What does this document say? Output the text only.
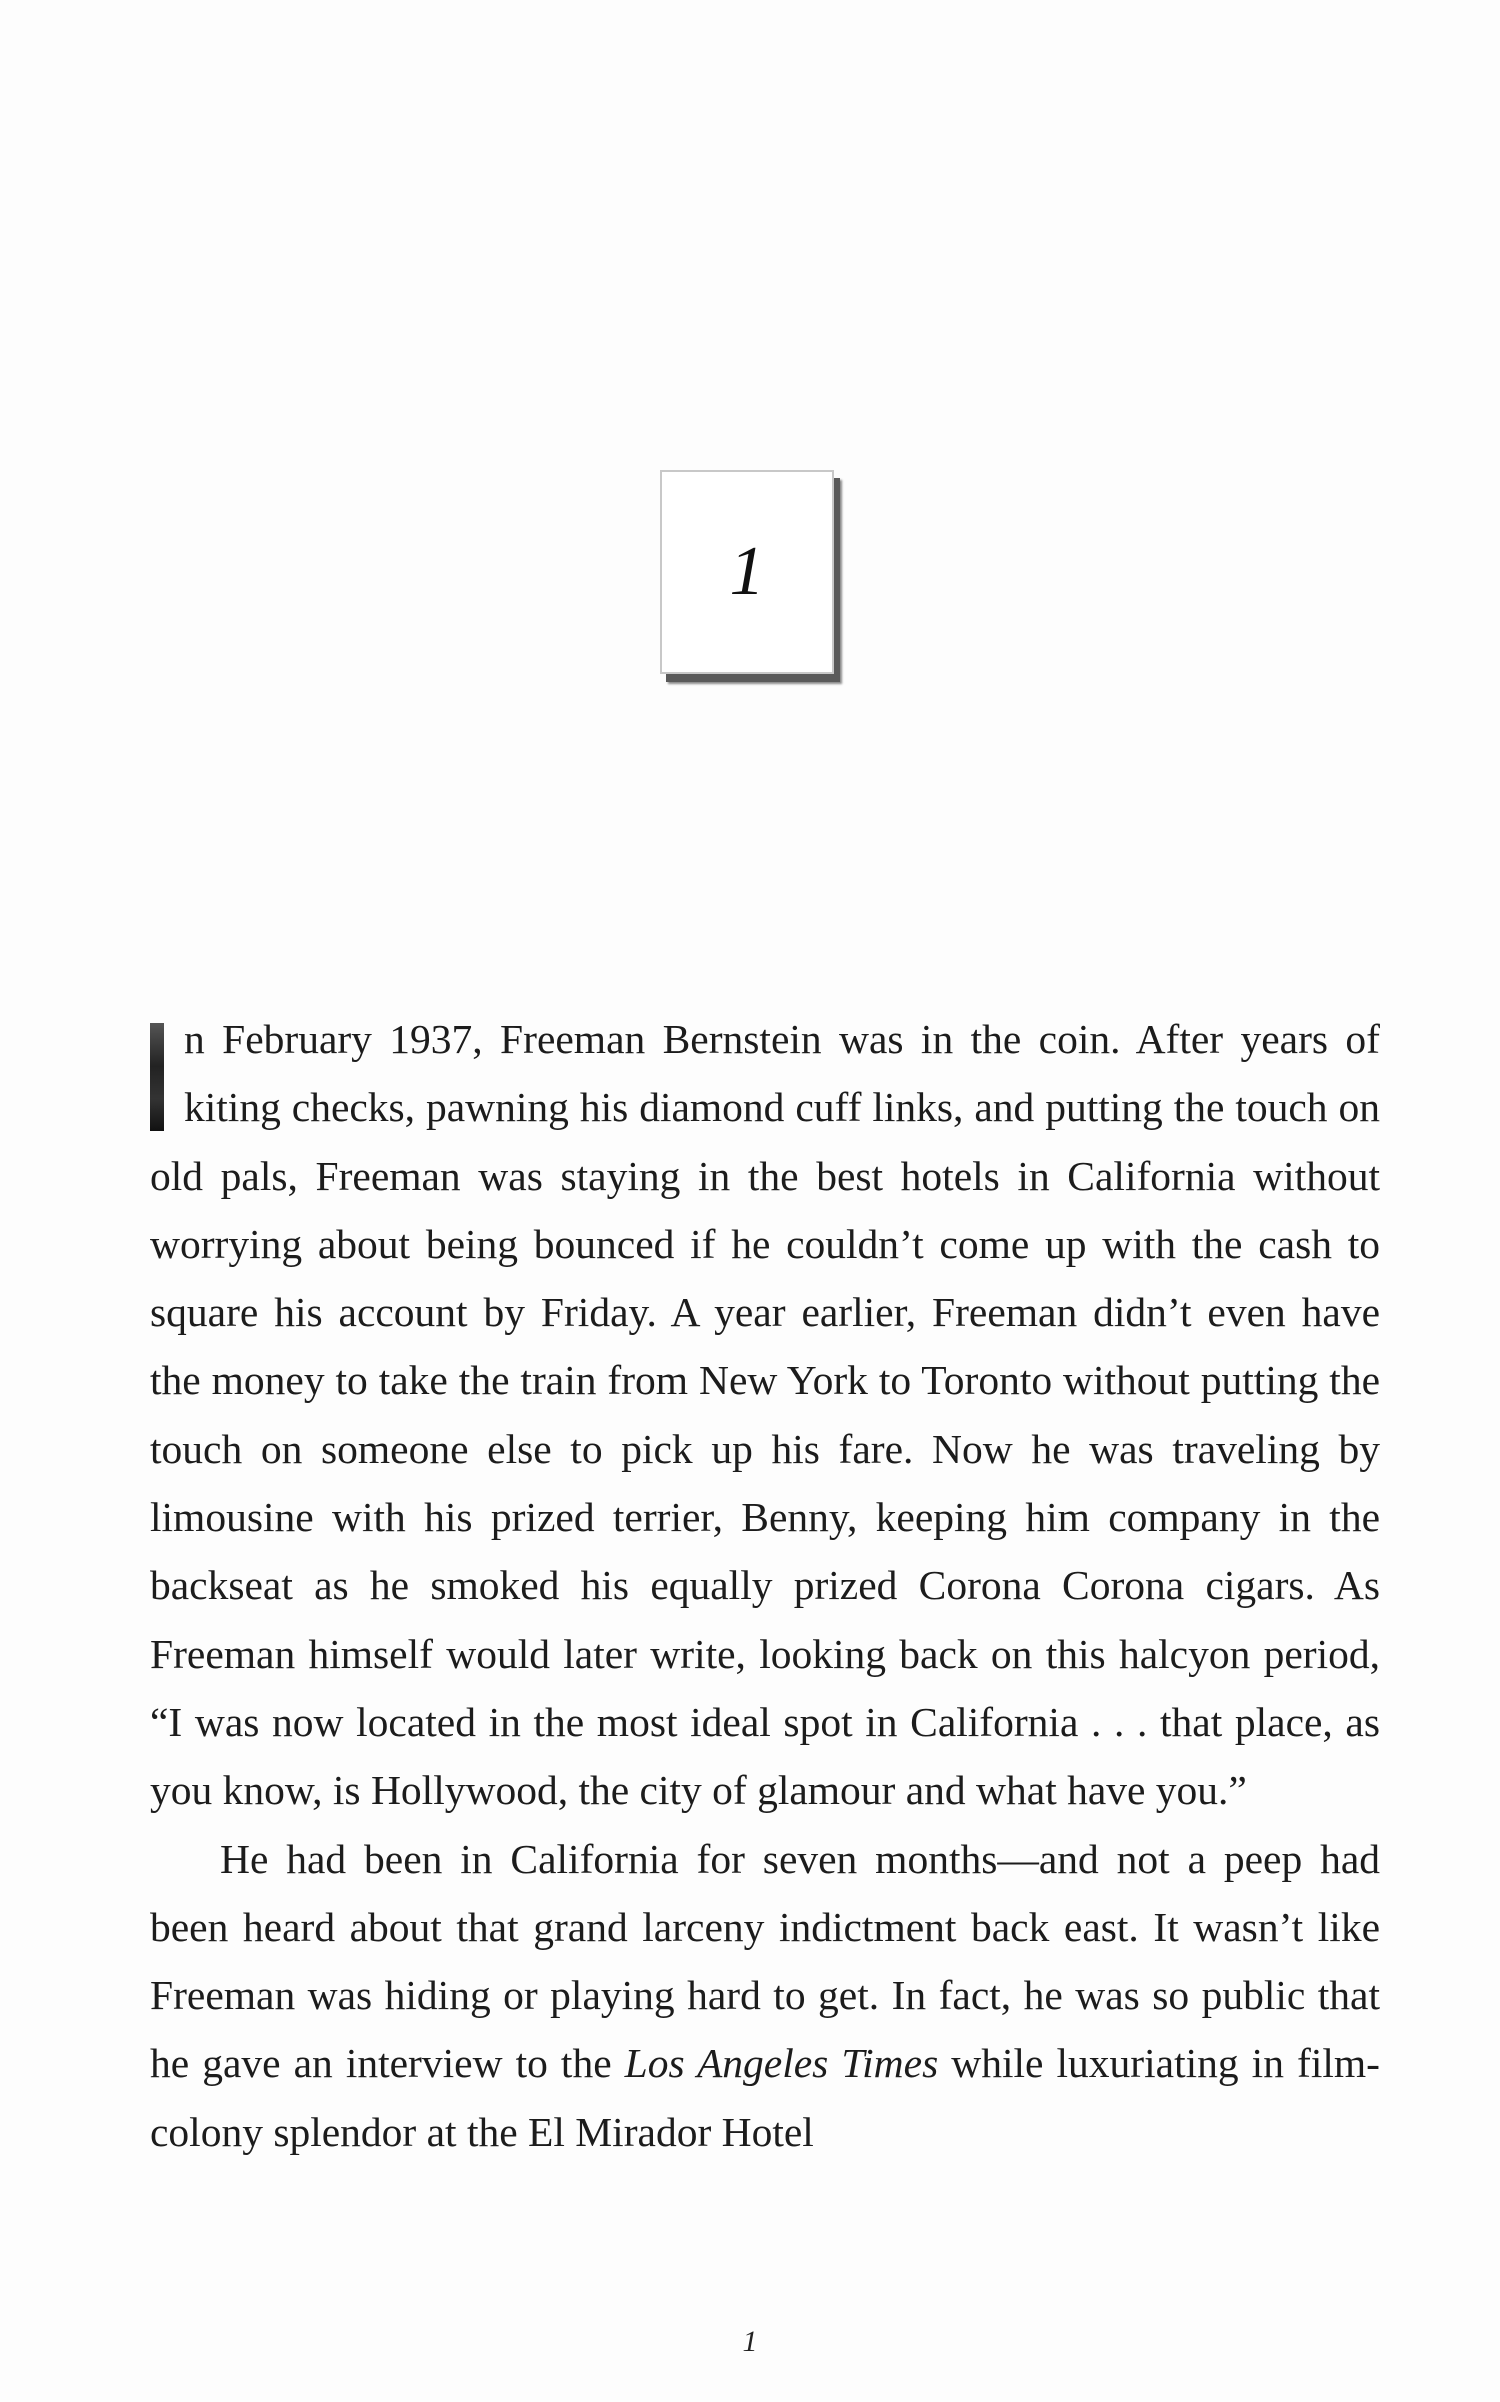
1

n February 1937, Freeman Bernstein was in the coin. After years of kiting checks, pawning his diamond cuff links, and putting the touch on old pals, Freeman was staying in the best hotels in California without worrying about being bounced if he couldn’t come up with the cash to square his account by Friday. A year earlier, Freeman didn’t even have the money to take the train from New York to Toronto without putting the touch on someone else to pick up his fare. Now he was traveling by limousine with his prized terrier, Benny, keeping him company in the backseat as he smoked his equally prized Corona Corona cigars. As Freeman himself would later write, looking back on this halcyon period, “I was now located in the most ideal spot in California . . . that place, as you know, is Hollywood, the city of glamour and what have you.”

He had been in California for seven months—and not a peep had been heard about that grand larceny indictment back east. It wasn’t like Freeman was hiding or playing hard to get. In fact, he was so public that he gave an interview to the Los Angeles Times while luxuriating in film-colony splendor at the El Mirador Hotel

1
